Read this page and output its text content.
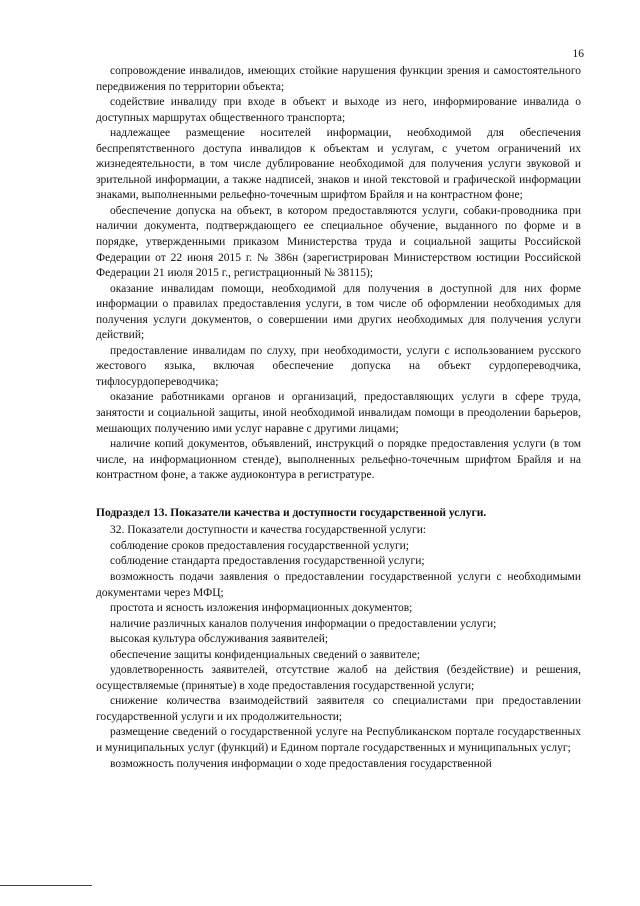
16

сопровождение инвалидов, имеющих стойкие нарушения функции зрения и самостоятельного передвижения по территории объекта;

содействие инвалиду при входе в объект и выходе из него, информирование инвалида о доступных маршрутах общественного транспорта;

надлежащее размещение носителей информации, необходимой для обеспечения беспрепятственного доступа инвалидов к объектам и услугам, с учетом ограничений их жизнедеятельности, в том числе дублирование необходимой для получения услуги звуковой и зрительной информации, а также надписей, знаков и иной текстовой и графической информации знаками, выполненными рельефно-точечным шрифтом Брайля и на контрастном фоне;

обеспечение допуска на объект, в котором предоставляются услуги, собаки-проводника при наличии документа, подтверждающего ее специальное обучение, выданного по форме и в порядке, утвержденными приказом Министерства труда и социальной защиты Российской Федерации от 22 июня 2015 г. № 386н (зарегистрирован Министерством юстиции Российской Федерации 21 июля 2015 г., регистрационный № 38115);

оказание инвалидам помощи, необходимой для получения в доступной для них форме информации о правилах предоставления услуги, в том числе об оформлении необходимых для получения услуги документов, о совершении ими других необходимых для получения услуги действий;

предоставление инвалидам по слуху, при необходимости, услуги с использованием русского жестового языка, включая обеспечение допуска на объект сурдопереводчика, тифлосурдопереводчика;

оказание работниками органов и организаций, предоставляющих услуги в сфере труда, занятости и социальной защиты, иной необходимой инвалидам помощи в преодолении барьеров, мешающих получению ими услуг наравне с другими лицами;

наличие копий документов, объявлений, инструкций о порядке предоставления услуги (в том числе, на информационном стенде), выполненных рельефно-точечным шрифтом Брайля и на контрастном фоне, а также аудиоконтура в регистратуре.

Подраздел 13. Показатели качества и доступности государственной услуги.

32. Показатели доступности и качества государственной услуги:

соблюдение сроков предоставления государственной услуги;

соблюдение стандарта предоставления государственной услуги;

возможность подачи заявления о предоставлении государственной услуги с необходимыми документами через МФЦ;

простота и ясность изложения информационных документов;

наличие различных каналов получения информации о предоставлении услуги;

высокая культура обслуживания заявителей;

обеспечение защиты конфиденциальных сведений о заявителе;

удовлетворенность заявителей, отсутствие жалоб на действия (бездействие) и решения, осуществляемые (принятые) в ходе предоставления государственной услуги;

снижение количества взаимодействий заявителя со специалистами при предоставлении государственной услуги и их продолжительности;

размещение сведений о государственной услуге на Республиканском портале государственных и муниципальных услуг (функций) и Едином портале государственных и муниципальных услуг;

возможность получения информации о ходе предоставления государственной
